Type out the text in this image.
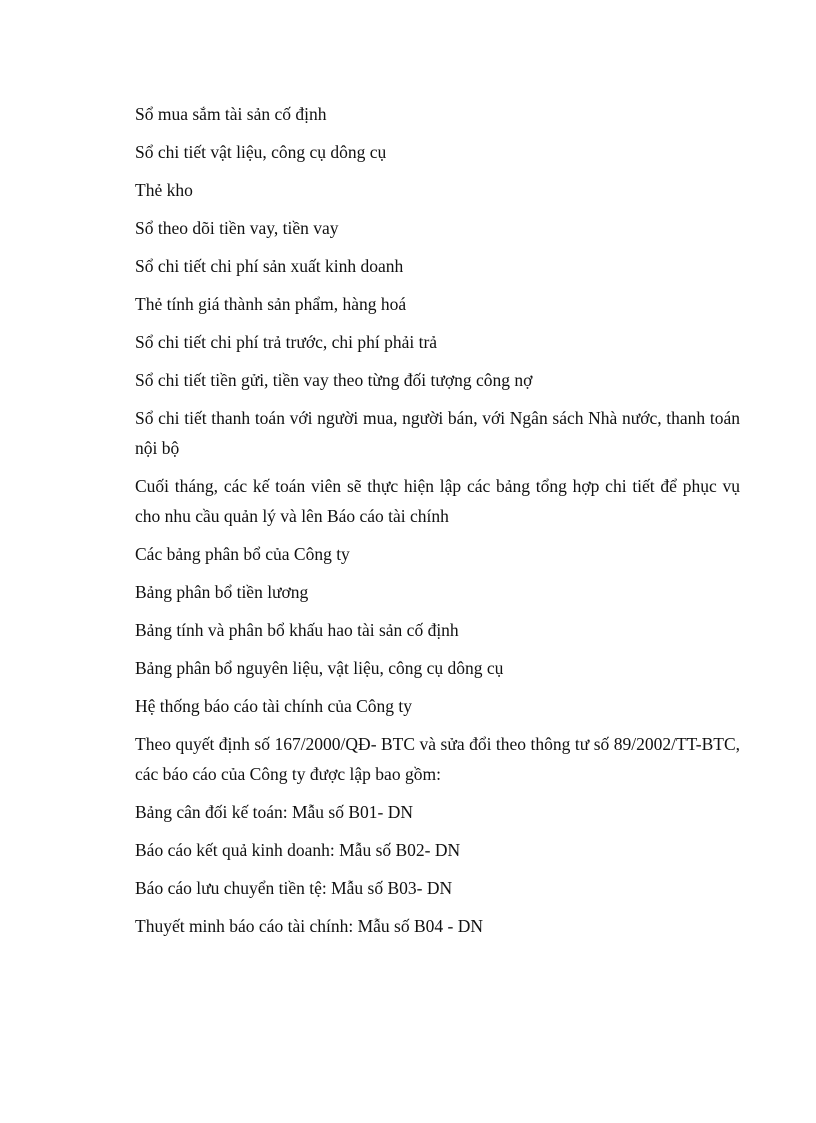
Sổ mua sắm tài sản cố định

Sổ chi tiết vật liệu, công cụ dông cụ

Thẻ kho

Sổ theo dõi tiền vay, tiền vay

Sổ chi tiết chi phí sản xuất kinh doanh

Thẻ tính giá thành sản phẩm, hàng hoá

Sổ chi tiết chi phí trả trước, chi phí phải trả

Sổ chi tiết tiền gửi, tiền vay theo từng đối tượng công nợ

Sổ chi tiết thanh toán với người mua, người bán, với Ngân sách Nhà nước, thanh toán nội bộ

Cuối tháng, các kế toán viên sẽ thực hiện lập các bảng tổng hợp chi tiết để phục vụ cho nhu cầu quản lý và lên Báo cáo tài chính

Các bảng phân bổ của Công ty

Bảng phân bổ tiền lương

Bảng tính và phân bổ khấu hao tài sản cố định

Bảng phân bổ nguyên liệu, vật liệu, công cụ dông cụ

Hệ thống báo cáo tài chính của Công ty

Theo quyết định số 167/2000/QĐ- BTC và sửa đổi theo thông tư số 89/2002/TT-BTC, các báo cáo của Công ty được lập bao gồm:

Bảng cân đối kế toán: Mẫu số B01- DN

Báo cáo kết quả kinh doanh: Mẫu số B02- DN

Báo cáo lưu chuyển tiền tệ: Mẫu số B03- DN

Thuyết minh báo cáo tài chính: Mẫu số B04 - DN
